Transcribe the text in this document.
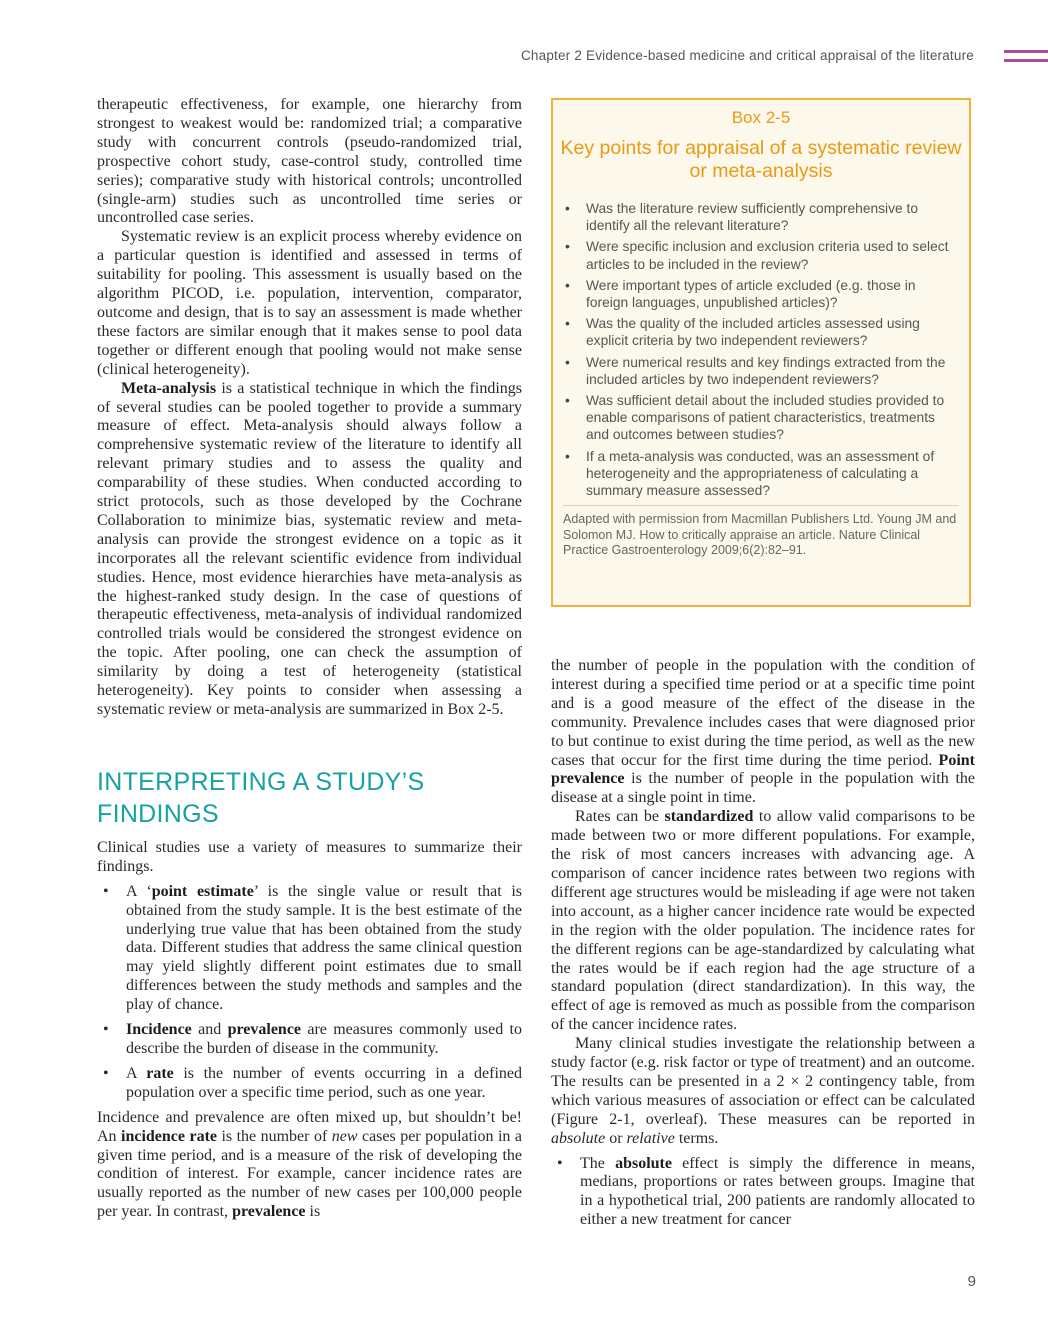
Chapter 2 Evidence-based medicine and critical appraisal of the literature

therapeutic effectiveness, for example, one hierarchy from strongest to weakest would be: randomized trial; a comparative study with concurrent controls (pseudo-randomized trial, prospective cohort study, case-control study, controlled time series); comparative study with historical controls; uncontrolled (single-arm) studies such as uncontrolled time series or uncontrolled case series.

Systematic review is an explicit process whereby evidence on a particular question is identified and assessed in terms of suitability for pooling. This assessment is usually based on the algorithm PICOD, i.e. population, intervention, comparator, outcome and design, that is to say an assessment is made whether these factors are similar enough that it makes sense to pool data together or different enough that pooling would not make sense (clinical heterogeneity).

Meta-analysis is a statistical technique in which the findings of several studies can be pooled together to provide a summary measure of effect. Meta-analysis should always follow a comprehensive systematic review of the literature to identify all relevant primary studies and to assess the quality and comparability of these studies. When conducted according to strict protocols, such as those developed by the Cochrane Collaboration to minimize bias, systematic review and meta-analysis can provide the strongest evidence on a topic as it incorporates all the relevant scientific evidence from individual studies. Hence, most evidence hierarchies have meta-analysis as the highest-ranked study design. In the case of questions of therapeutic effectiveness, meta-analysis of individual randomized controlled trials would be considered the strongest evidence on the topic. After pooling, one can check the assumption of similarity by doing a test of heterogeneity (statistical heterogeneity). Key points to consider when assessing a systematic review or meta-analysis are summarized in Box 2-5.

INTERPRETING A STUDY’S FINDINGS

Clinical studies use a variety of measures to summarize their findings.

• A ‘point estimate’ is the single value or result that is obtained from the study sample. It is the best estimate of the underlying true value that has been obtained from the study data. Different studies that address the same clinical question may yield slightly different point estimates due to small differences between the study methods and samples and the play of chance.
• Incidence and prevalence are measures commonly used to describe the burden of disease in the community.
• A rate is the number of events occurring in a defined population over a specific time period, such as one year.

Incidence and prevalence are often mixed up, but shouldn’t be! An incidence rate is the number of new cases per population in a given time period, and is a measure of the risk of developing the condition of interest. For example, cancer incidence rates are usually reported as the number of new cases per 100,000 people per year. In contrast, prevalence is

Box 2-5
Key points for appraisal of a systematic review or meta-analysis
• Was the literature review sufficiently comprehensive to identify all the relevant literature?
• Were specific inclusion and exclusion criteria used to select articles to be included in the review?
• Were important types of article excluded (e.g. those in foreign languages, unpublished articles)?
• Was the quality of the included articles assessed using explicit criteria by two independent reviewers?
• Were numerical results and key findings extracted from the included articles by two independent reviewers?
• Was sufficient detail about the included studies provided to enable comparisons of patient characteristics, treatments and outcomes between studies?
• If a meta-analysis was conducted, was an assessment of heterogeneity and the appropriateness of calculating a summary measure assessed?
Adapted with permission from Macmillan Publishers Ltd. Young JM and Solomon MJ. How to critically appraise an article. Nature Clinical Practice Gastroenterology 2009;6(2):82–91.

the number of people in the population with the condition of interest during a specified time period or at a specific time point and is a good measure of the effect of the disease in the community. Prevalence includes cases that were diagnosed prior to but continue to exist during the time period, as well as the new cases that occur for the first time during the time period. Point prevalence is the number of people in the population with the disease at a single point in time.

Rates can be standardized to allow valid comparisons to be made between two or more different populations. For example, the risk of most cancers increases with advancing age. A comparison of cancer incidence rates between two regions with different age structures would be misleading if age were not taken into account, as a higher cancer incidence rate would be expected in the region with the older population. The incidence rates for the different regions can be age-standardized by calculating what the rates would be if each region had the age structure of a standard population (direct standardization). In this way, the effect of age is removed as much as possible from the comparison of the cancer incidence rates.

Many clinical studies investigate the relationship between a study factor (e.g. risk factor or type of treatment) and an outcome. The results can be presented in a 2 × 2 contingency table, from which various measures of association or effect can be calculated (Figure 2-1, overleaf). These measures can be reported in absolute or relative terms.

• The absolute effect is simply the difference in means, medians, proportions or rates between groups. Imagine that in a hypothetical trial, 200 patients are randomly allocated to either a new treatment for cancer
9
